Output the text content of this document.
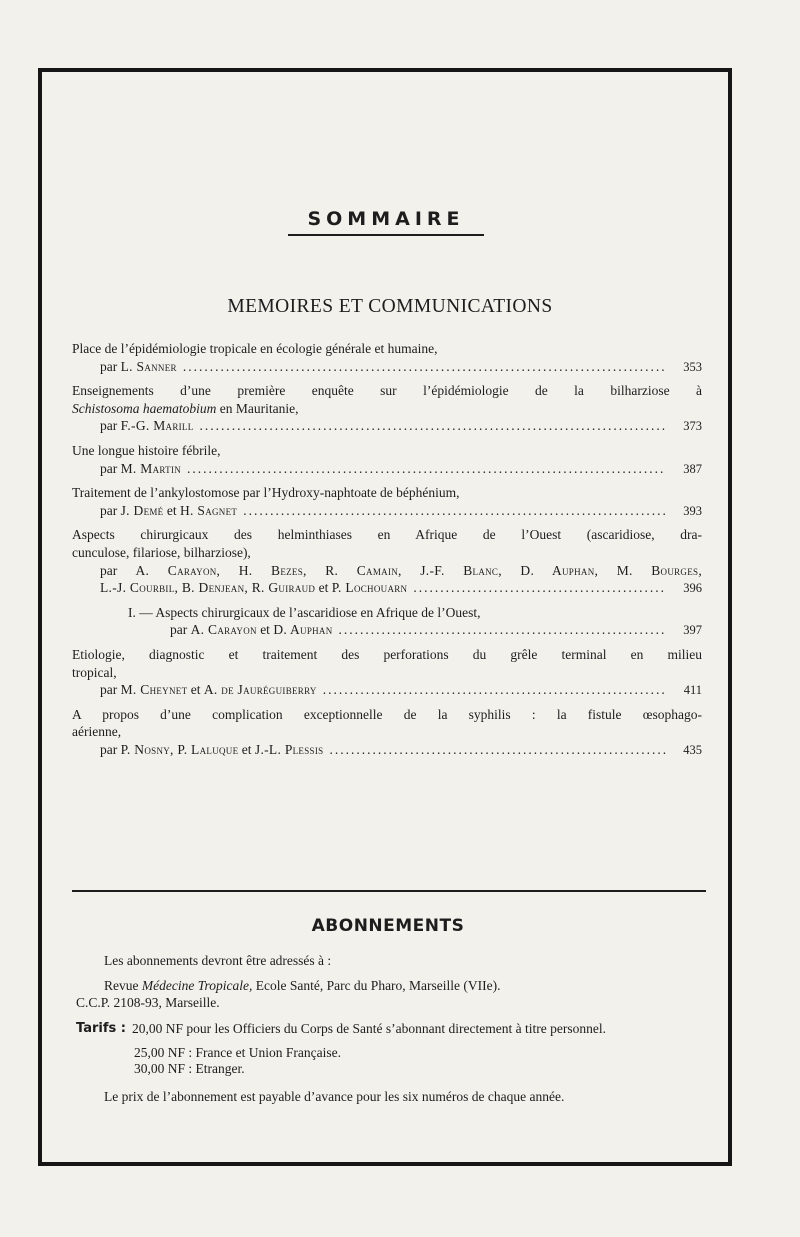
SOMMAIRE
MEMOIRES ET COMMUNICATIONS
Place de l’épidémiologie tropicale en écologie générale et humaine,
par L. Sanner .....	353
Enseignements d’une première enquête sur l’épidémiologie de la bilharziose à
Schistosoma haematobium en Mauritanie,
par F.-G. Marill .....	373
Une longue histoire fébrile,
par M. Martin .....	387
Traitement de l’ankylostomose par l’Hydroxy-naphtoate de béphénium,
par J. Demé et H. Sagnet .....	393
Aspects chirurgicaux des helminthiases en Afrique de l’Ouest (ascaridiose, dra-
cunculose, filariose, bilharziose),
par A. Carayon, H. Bezes, R. Camain, J.-F. Blanc, D. Auphan, M. Bourges,
L.-J. Courbil, B. Denjean, R. Guiraud et P. Lochouarn .....	396
I. — Aspects chirurgicaux de l’ascaridiose en Afrique de l’Ouest,
par A. Carayon et D. Auphan .....	397
Etiologie, diagnostic et traitement des perforations du grêle terminal en milieu
tropical,
par M. Cheynet et A. de Jauréguiberry .....	411
A propos d’une complication exceptionnelle de la syphilis : la fistule œsophago-
aérienne,
par P. Nosny, P. Laluque et J.-L. Plessis .....	435
ABONNEMENTS

Les abonnements devront être adressés à :

Revue Médecine Tropicale, Ecole Santé, Parc du Pharo, Marseille (VIIe).

C.C.P. 2108-93, Marseille.

Tarifs : 20,00 NF pour les Officiers du Corps de Santé s’abonnant directement à titre personnel.
25,00 NF : France et Union Française.
30,00 NF : Etranger.

Le prix de l’abonnement est payable d’avance pour les six numéros de chaque année.
